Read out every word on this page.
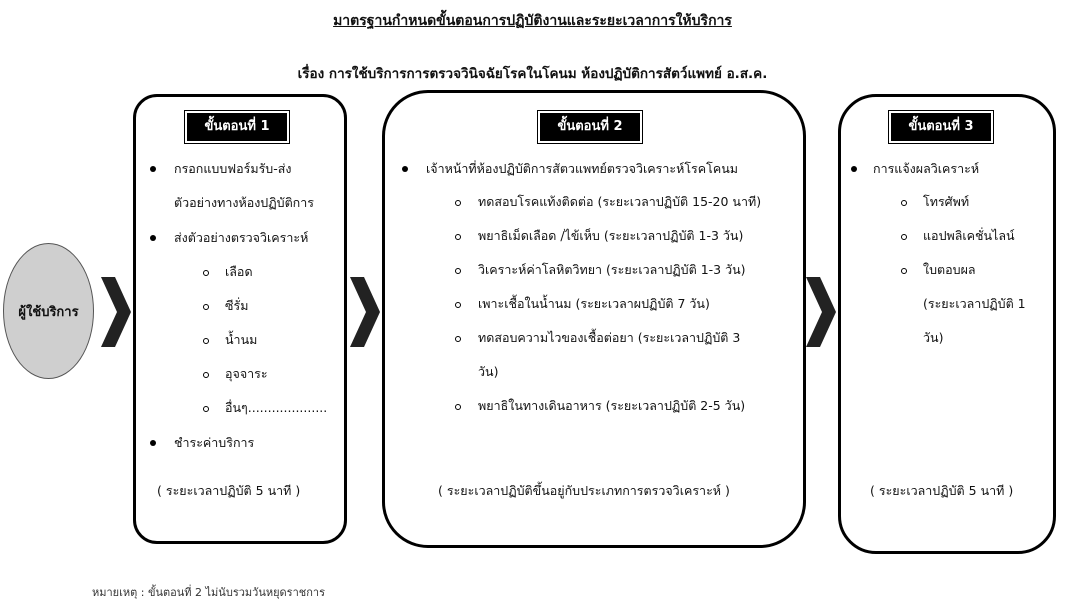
มาตรฐานกำหนดขั้นตอนการปฏิบัติงานและระยะเวลาการให้บริการ
เรื่อง การใช้บริการการตรวจวินิจฉัยโรคในโคนม ห้องปฏิบัติการสัตว์แพทย์ อ.ส.ค.
ผู้ใช้บริการ
ขั้นตอนที่ 1
กรอกแบบฟอร์มรับ-ส่ง
ตัวอย่างทางห้องปฏิบัติการ
ส่งตัวอย่างตรวจวิเคราะห์
เลือด
ซีรั่ม
น้ำนม
อุจจาระ
อื่นๆ....................
ชำระค่าบริการ
( ระยะเวลาปฏิบัติ 5 นาที )
ขั้นตอนที่ 2
เจ้าหน้าที่ห้องปฏิบัติการสัตวแพทย์ตรวจวิเคราะห์โรคโคนม
ทดสอบโรคแท้งติดต่อ (ระยะเวลาปฏิบัติ 15-20 นาที)
พยาธิเม็ดเลือด /ไข้เห็บ (ระยะเวลาปฏิบัติ 1-3 วัน)
วิเคราะห์ค่าโลหิตวิทยา (ระยะเวลาปฏิบัติ 1-3 วัน)
เพาะเชื้อในน้ำนม (ระยะเวลาผปฏิบัติ 7 วัน)
ทดสอบความไวของเชื้อต่อยา (ระยะเวลาปฏิบัติ 3
วัน)
พยาธิในทางเดินอาหาร (ระยะเวลาปฏิบัติ 2-5 วัน)
( ระยะเวลาปฏิบัติขึ้นอยู่กับประเภทการตรวจวิเคราะห์ )
ขั้นตอนที่ 3
การแจ้งผลวิเคราะห์
โทรศัพท์
แอปพลิเคชั่นไลน์
ใบตอบผล
(ระยะเวลาปฏิบัติ 1
วัน)
( ระยะเวลาปฏิบัติ 5 นาที )
หมายเหตุ : ขั้นตอนที่ 2 ไม่นับรวมวันหยุดราชการ
